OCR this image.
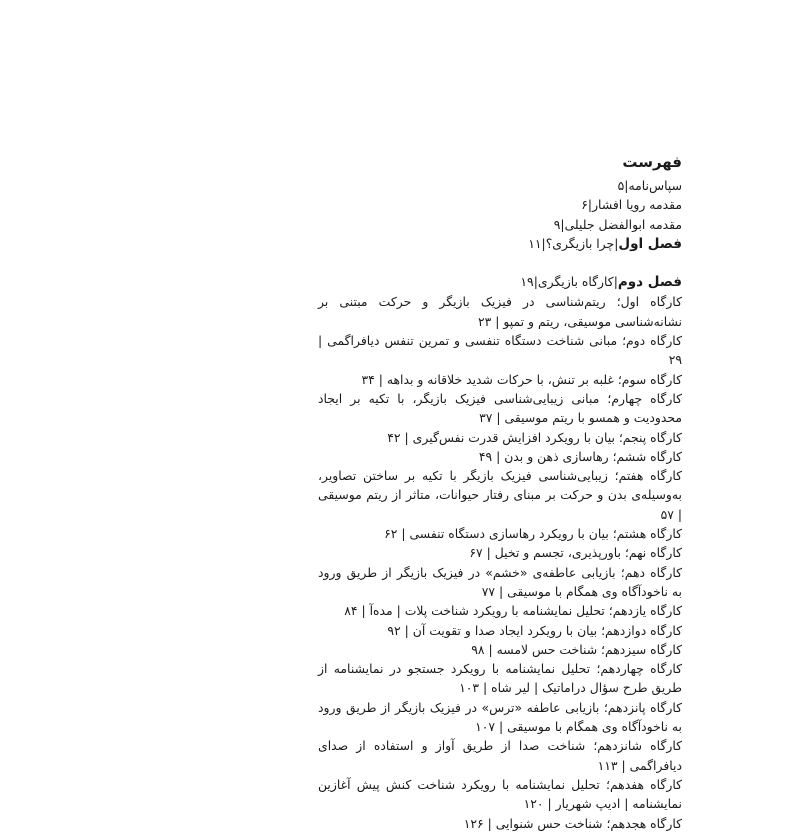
فهرست
سپاس‌نامه|۵
مقدمه رویا افشار|۶
مقدمه ابوالفضل جلیلی|۹
فصل اول|چرا بازیگری؟|۱۱
فصل دوم|کارگاه بازیگری|۱۹
کارگاه اول؛ ریتم‌شناسی در فیزیک بازیگر و حرکت مبتنی بر نشانه‌شناسی موسیقی، ریتم و تمپو | ۲۳
کارگاه دوم؛ مبانی شناخت دستگاه تنفسی و تمرین تنفس دیافراگمی | ۲۹
کارگاه سوم؛ غلبه بر تنش، با حرکات شدید خلاقانه و بداهه | ۳۴
کارگاه چهارم؛ مبانی زیبایی‌شناسی فیزیک بازیگر، با تکیه بر ایجاد محدودیت و همسو با ریتم موسیقی | ۳۷
کارگاه پنجم؛ بیان با رویکرد افزایش قدرت نفس‌گیری | ۴۲
کارگاه ششم؛ رهاسازی ذهن و بدن | ۴۹
کارگاه هفتم؛ زیبایی‌شناسی فیزیک بازیگر با تکیه بر ساختن تصاویر، به‌وسیله‌ی بدن و حرکت بر مبنای رفتار حیوانات، متاثر از ریتم موسیقی | ۵۷
کارگاه هشتم؛ بیان با رویکرد رهاسازی دستگاه تنفسی | ۶۲
کارگاه نهم؛ باورپذیری، تجسم و تخیل | ۶۷
کارگاه دهم؛ بازیابی عاطفه‌ی «خشم» در فیزیک بازیگر از طریق ورود به ناخودآگاه وی همگام با موسیقی | ۷۷
کارگاه یازدهم؛ تحلیل نمایشنامه با رویکرد شناخت پلات | مده‌آ | ۸۴
کارگاه دوازدهم؛ بیان با رویکرد ایجاد صدا و تقویت آن | ۹۲
کارگاه سیزدهم؛ شناخت حس لامسه | ۹۸
کارگاه چهاردهم؛ تحلیل نمایشنامه با رویکرد جستجو در نمایشنامه از طریق طرح سؤال دراماتیک | لیر شاه | ۱۰۳
کارگاه پانزدهم؛ بازیابی عاطفه «ترس» در فیزیک بازیگر از طریق ورود به ناخودآگاه وی همگام با موسیقی | ۱۰۷
کارگاه شانزدهم؛ شناخت صدا از طریق آواز و استفاده از صدای دیافراگمی | ۱۱۳
کارگاه هفدهم؛ تحلیل نمایشنامه با رویکرد شناخت کنش پیش آغازین نمایشنامه | ادیپ شهریار | ۱۲۰
کارگاه هجدهم؛ شناخت حس شنوایی | ۱۲۶
